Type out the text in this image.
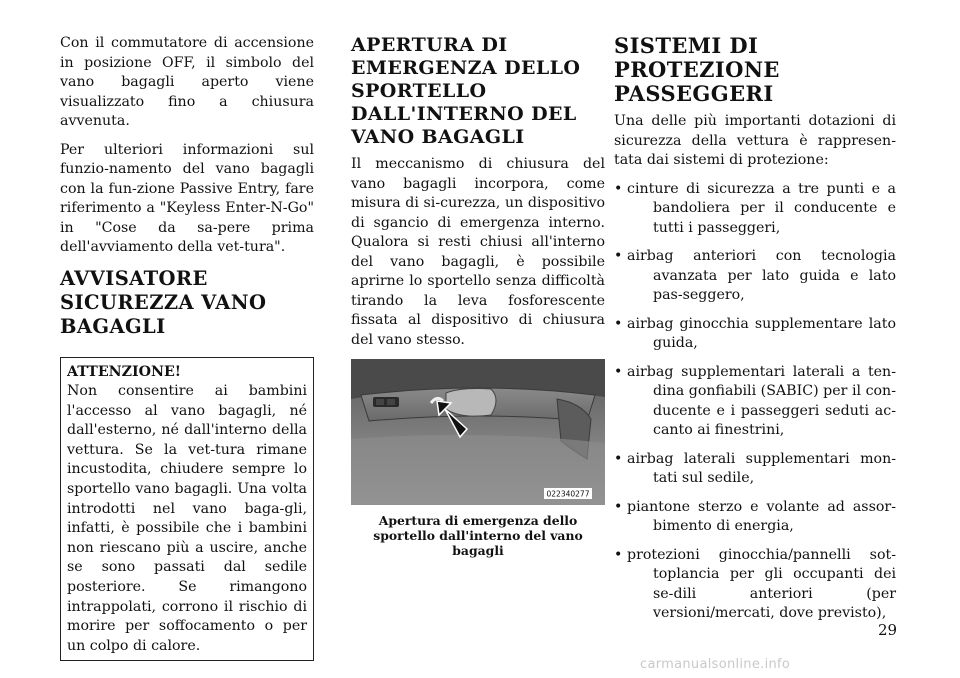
Con il commutatore di accensione in posizione OFF, il simbolo del vano bagagli aperto viene visualizzato fino a chiusura avvenuta.

Per ulteriori informazioni sul funzio-namento del vano bagagli con la fun-zione Passive Entry, fare riferimento a "Keyless Enter-N-Go" in "Cose da sa-pere prima dell'avviamento della vet-tura".

AVVISATORE SICUREZZA VANO BAGAGLI
ATTENZIONE!
Non consentire ai bambini l'accesso al vano bagagli, né dall'esterno, né dall'interno della vettura. Se la vet-tura rimane incustodita, chiudere sempre lo sportello vano bagagli. Una volta introdotti nel vano baga-gli, infatti, è possibile che i bambini non riescano più a uscire, anche se sono passati dal sedile posteriore. Se rimangono intrappolati, corrono il rischio di morire per soffocamento o per un colpo di calore.
APERTURA DI EMERGENZA DELLO SPORTELLO DALL'INTERNO DEL VANO BAGAGLI

Il meccanismo di chiusura del vano bagagli incorpora, come misura di si-curezza, un dispositivo di sgancio di emergenza interno. Qualora si resti chiusi all'interno del vano bagagli, è possibile aprirne lo sportello senza difficoltà tirando la leva fosforescente fissata al dispositivo di chiusura del vano stesso.

022340277
Apertura di emergenza dello sportello dall'interno del vano bagagli
SISTEMI DI PROTEZIONE PASSEGGERI

Una delle più importanti dotazioni di sicurezza della vettura è rappresen-tata dai sistemi di protezione:

• cinture di sicurezza a tre punti e a bandoliera per il conducente e tutti i passeggeri,
• airbag anteriori con tecnologia avanzata per lato guida e lato pas-seggero,
• airbag ginocchia supplementare lato guida,
• airbag supplementari laterali a ten-dina gonfiabili (SABIC) per il con-ducente e i passeggeri seduti ac-canto ai finestrini,
• airbag laterali supplementari mon-tati sul sedile,
• piantone sterzo e volante ad assor-bimento di energia,
• protezioni ginocchia/pannelli sot-toplancia per gli occupanti dei se-dili anteriori (per versioni/mercati, dove previsto),
29
carmanualsonline.info
